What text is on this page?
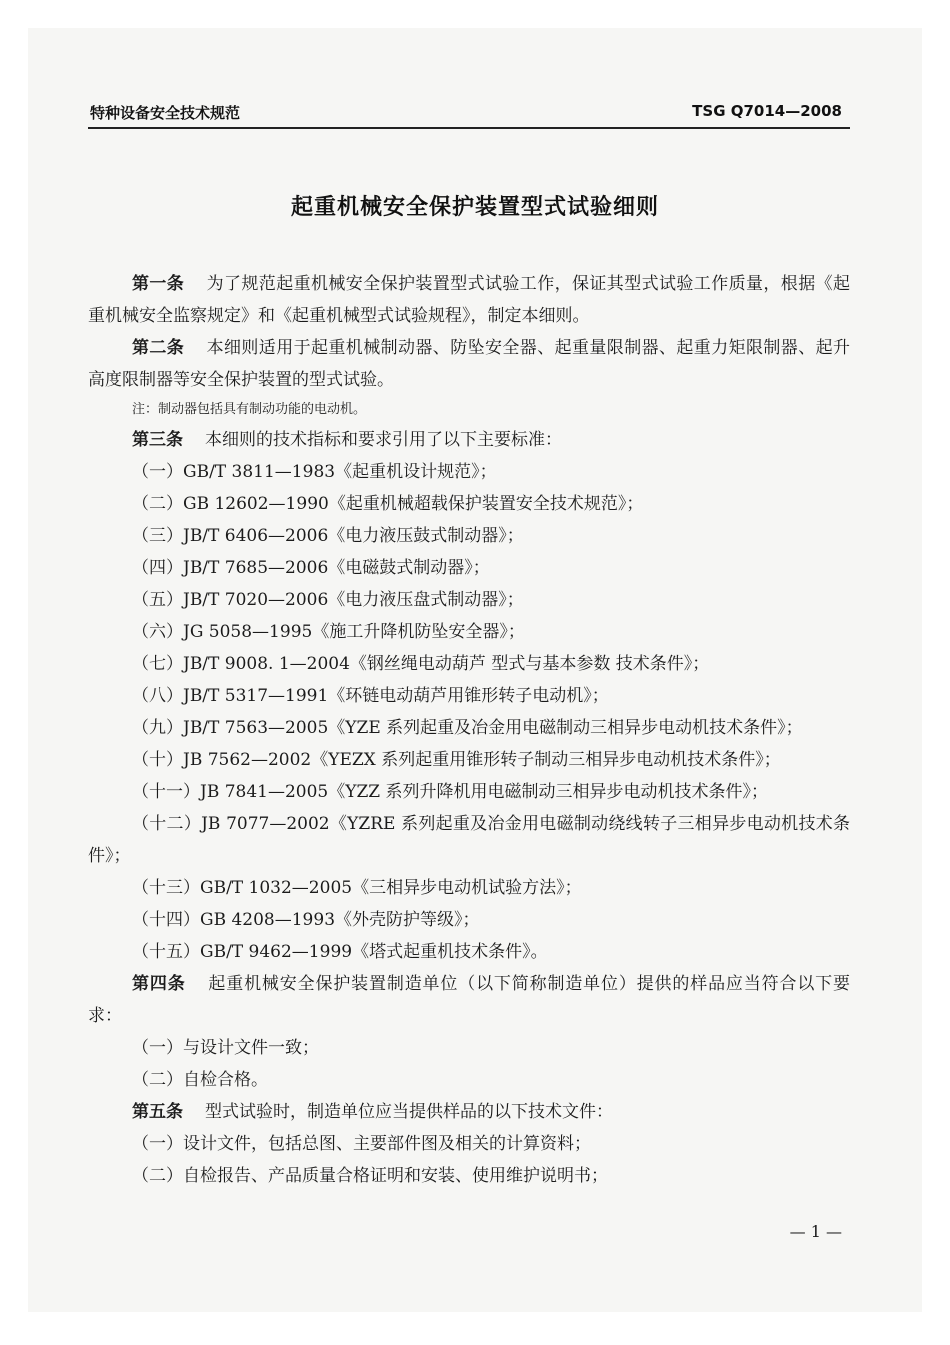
特种设备安全技术规范	TSG Q7014—2008
起重机械安全保护装置型式试验细则

第一条 为了规范起重机械安全保护装置型式试验工作，保证其型式试验工作质量，根据《起重机械安全监察规定》和《起重机械型式试验规程》，制定本细则。

第二条 本细则适用于起重机械制动器、防坠安全器、起重量限制器、起重力矩限制器、起升高度限制器等安全保护装置的型式试验。

注：制动器包括具有制动功能的电动机。

第三条 本细则的技术指标和要求引用了以下主要标准：

（一）GB/T 3811—1983《起重机设计规范》；

（二）GB 12602—1990《起重机械超载保护装置安全技术规范》；

（三）JB/T 6406—2006《电力液压鼓式制动器》；

（四）JB/T 7685—2006《电磁鼓式制动器》；

（五）JB/T 7020—2006《电力液压盘式制动器》；

（六）JG 5058—1995《施工升降机防坠安全器》；

（七）JB/T 9008. 1—2004《钢丝绳电动葫芦 型式与基本参数 技术条件》；

（八）JB/T 5317—1991《环链电动葫芦用锥形转子电动机》；

（九）JB/T 7563—2005《YZE 系列起重及冶金用电磁制动三相异步电动机技术条件》；

（十）JB 7562—2002《YEZX 系列起重用锥形转子制动三相异步电动机技术条件》；

（十一）JB 7841—2005《YZZ 系列升降机用电磁制动三相异步电动机技术条件》；

（十二）JB 7077—2002《YZRE 系列起重及冶金用电磁制动绕线转子三相异步电动机技术条件》；

（十三）GB/T 1032—2005《三相异步电动机试验方法》；

（十四）GB 4208—1993《外壳防护等级》；

（十五）GB/T 9462—1999《塔式起重机技术条件》。

第四条 起重机械安全保护装置制造单位（以下简称制造单位）提供的样品应当符合以下要求：

（一）与设计文件一致；

（二）自检合格。

第五条 型式试验时，制造单位应当提供样品的以下技术文件：

（一）设计文件，包括总图、主要部件图及相关的计算资料；

（二）自检报告、产品质量合格证明和安装、使用维护说明书；

— 1 —
